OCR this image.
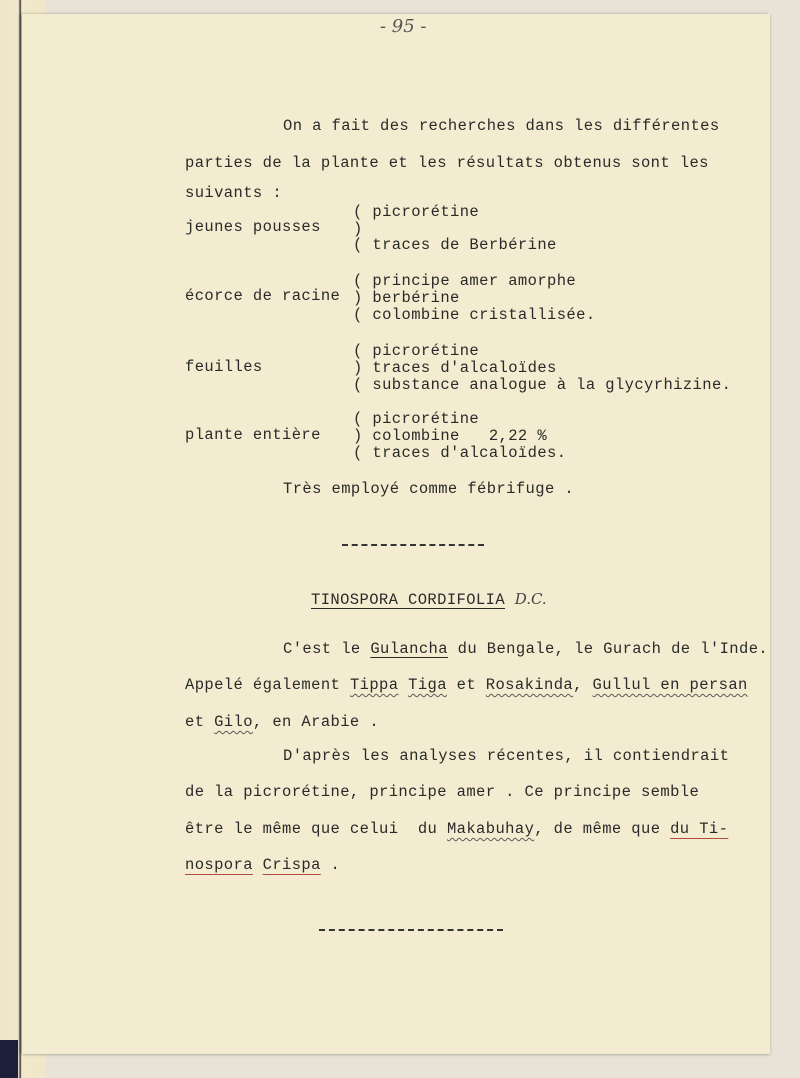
- 95 -
On a fait des recherches dans les différentes
parties de la plante et les résultats obtenus sont les
suivants :
jeunes pousses
( picrorétine
)
( traces de Berbérine
écorce de racine
( principe amer amorphe
) berbérine
( colombine cristallisée.
feuilles
( picrorétine
) traces d'alcaloïdes
( substance analogue à la glycyrhizine.
plante entière
( picrorétine
) colombine   2,22 %
( traces d'alcaloïdes.
Très employé comme fébrifuge .
TINOSPORA CORDIFOLIA D.C.
C'est le Gulancha du Bengale, le Gurach de l'Inde.
Appelé également Tippa Tiga et Rosakinda, Gullul en persan
et Gilo, en Arabie .
D'après les analyses récentes, il contiendrait
de la picrorétine, principe amer . Ce principe semble
être le même que celui  du Makabuhay, de même que du Ti-
nospora Crispa .
